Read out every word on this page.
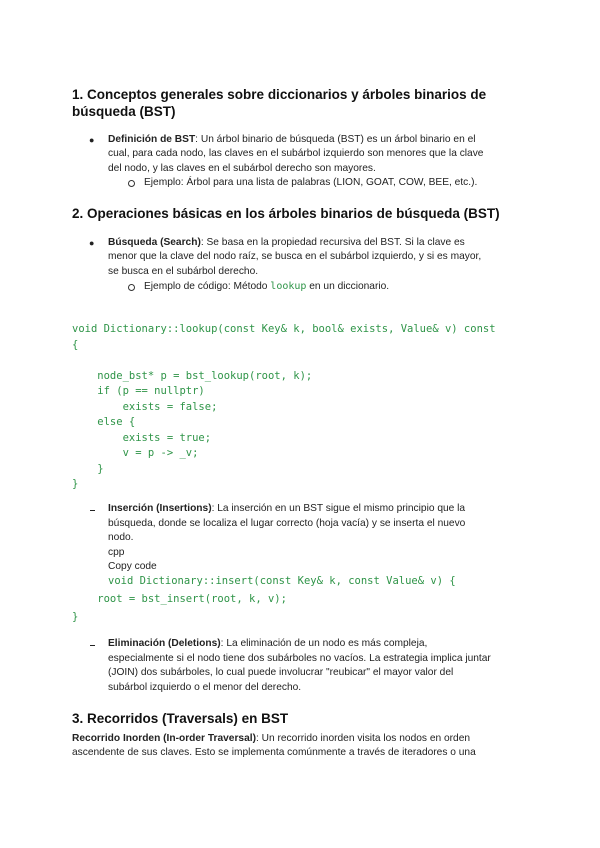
1. Conceptos generales sobre diccionarios y árboles binarios de
búsqueda (BST)
● Definición de BST: Un árbol binario de búsqueda (BST) es un árbol binario en el
cual, para cada nodo, las claves en el subárbol izquierdo son menores que la clave
del nodo, y las claves en el subárbol derecho son mayores.
Ejemplo: Árbol para una lista de palabras (LION, GOAT, COW, BEE, etc.).
2. Operaciones básicas en los árboles binarios de búsqueda (BST)
● Búsqueda (Search): Se basa en la propiedad recursiva del BST. Si la clave es
menor que la clave del nodo raíz, se busca en el subárbol izquierdo, y si es mayor,
se busca en el subárbol derecho.
Ejemplo de código: Método lookup en un diccionario.
void Dictionary::lookup(const Key& k, bool& exists, Value& v) const
{

node_bst* p = bst_lookup(root, k);
if (p == nullptr)
exists = false;
else {
exists = true;
v = p -> _v;
}
}
Inserción (Insertions): La inserción en un BST sigue el mismo principio que la
búsqueda, donde se localiza el lugar correcto (hoja vacía) y se inserta el nuevo
nodo.
cpp
Copy code
void Dictionary::insert(const Key& k, const Value& v) {
root = bst_insert(root, k, v);
}
Eliminación (Deletions): La eliminación de un nodo es más compleja,
especialmente si el nodo tiene dos subárboles no vacíos. La estrategia implica juntar
(JOIN) dos subárboles, lo cual puede involucrar "reubicar" el mayor valor del
subárbol izquierdo o el menor del derecho.
3. Recorridos (Traversals) en BST
Recorrido Inorden (In-order Traversal): Un recorrido inorden visita los nodos en orden
ascendente de sus claves. Esto se implementa comúnmente a través de iteradores o una
